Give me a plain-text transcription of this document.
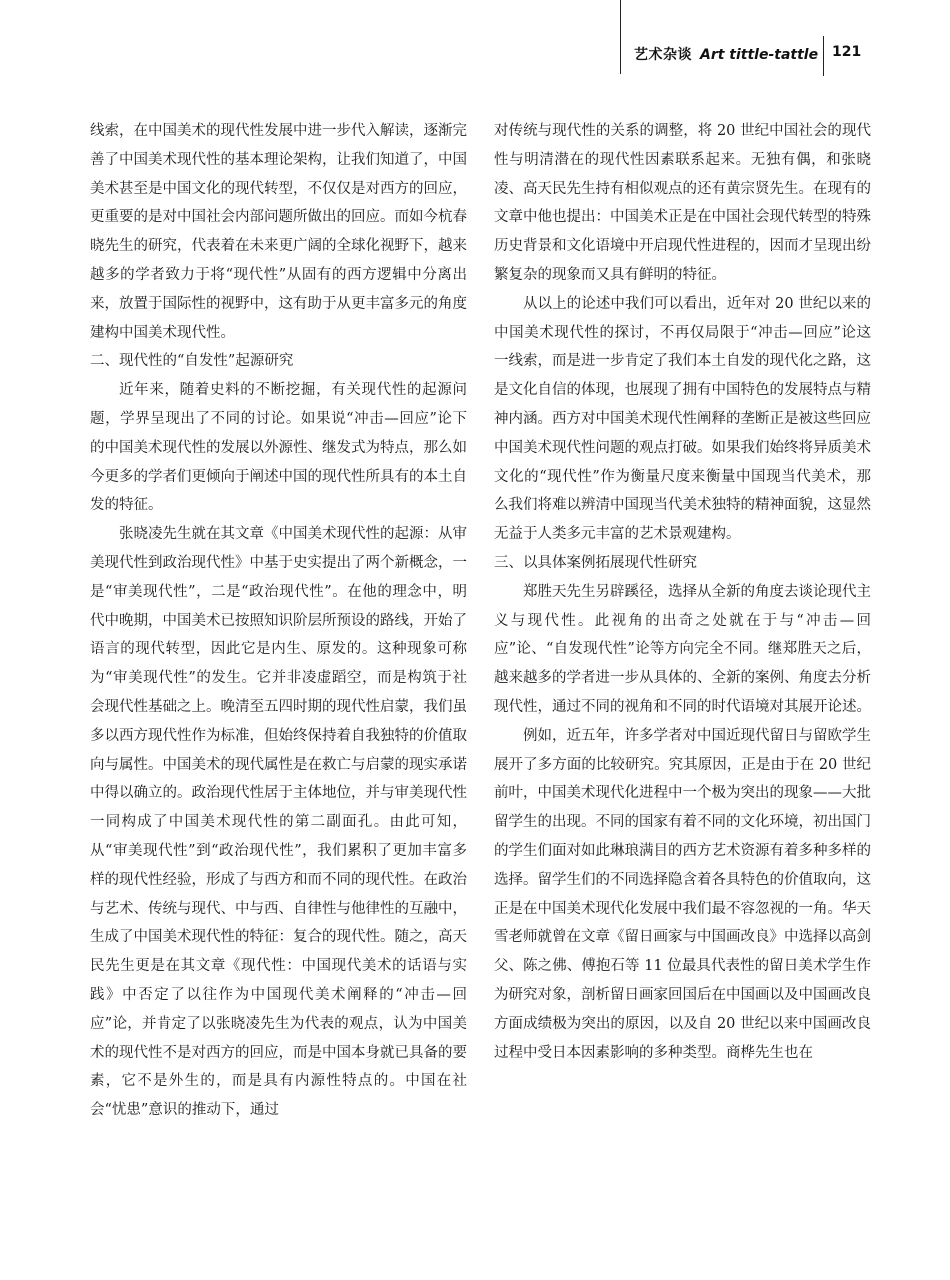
艺术杂谈 Art tittle-tattle 121

线索，在中国美术的现代性发展中进一步代入解读，逐渐完善了中国美术现代性的基本理论架构，让我们知道了，中国美术甚至是中国文化的现代转型，不仅仅是对西方的回应，更重要的是对中国社会内部问题所做出的回应。而如今杭春晓先生的研究，代表着在未来更广阔的全球化视野下，越来越多的学者致力于将“现代性”从固有的西方逻辑中分离出来，放置于国际性的视野中，这有助于从更丰富多元的角度建构中国美术现代性。

二、现代性的“自发性”起源研究

近年来，随着史料的不断挖掘，有关现代性的起源问题，学界呈现出了不同的讨论。如果说“冲击—回应”论下的中国美术现代性的发展以外源性、继发式为特点，那么如今更多的学者们更倾向于阐述中国的现代性所具有的本土自发的特征。

张晓凌先生就在其文章《中国美术现代性的起源：从审美现代性到政治现代性》中基于史实提出了两个新概念，一是“审美现代性”，二是“政治现代性”。在他的理念中，明代中晚期，中国美术已按照知识阶层所预设的路线，开始了语言的现代转型，因此它是内生、原发的。这种现象可称为“审美现代性”的发生。它并非凌虚蹈空，而是构筑于社会现代性基础之上。晚清至五四时期的现代性启蒙，我们虽多以西方现代性作为标准，但始终保持着自我独特的价值取向与属性。中国美术的现代属性是在救亡与启蒙的现实承诺中得以确立的。政治现代性居于主体地位，并与审美现代性一同构成了中国美术现代性的第二副面孔。由此可知，从“审美现代性”到“政治现代性”，我们累积了更加丰富多样的现代性经验，形成了与西方和而不同的现代性。在政治与艺术、传统与现代、中与西、自律性与他律性的互融中，生成了中国美术现代性的特征：复合的现代性。随之，高天民先生更是在其文章《现代性：中国现代美术的话语与实践》中否定了以往作为中国现代美术阐释的“冲击—回应”论，并肯定了以张晓凌先生为代表的观点，认为中国美术的现代性不是对西方的回应，而是中国本身就已具备的要素，它不是外生的，而是具有内源性特点的。中国在社会“忧患”意识的推动下，通过

对传统与现代性的关系的调整，将 20 世纪中国社会的现代性与明清潜在的现代性因素联系起来。无独有偶，和张晓凌、高天民先生持有相似观点的还有黄宗贤先生。在现有的文章中他也提出：中国美术正是在中国社会现代转型的特殊历史背景和文化语境中开启现代性进程的，因而才呈现出纷繁复杂的现象而又具有鲜明的特征。

从以上的论述中我们可以看出，近年对 20 世纪以来的中国美术现代性的探讨，不再仅局限于“冲击—回应”论这一线索，而是进一步肯定了我们本土自发的现代化之路，这是文化自信的体现，也展现了拥有中国特色的发展特点与精神内涵。西方对中国美术现代性阐释的垄断正是被这些回应中国美术现代性问题的观点打破。如果我们始终将异质美术文化的“现代性”作为衡量尺度来衡量中国现当代美术，那么我们将难以辨清中国现当代美术独特的精神面貌，这显然无益于人类多元丰富的艺术景观建构。

三、以具体案例拓展现代性研究

郑胜天先生另辟蹊径，选择从全新的角度去谈论现代主义与现代性。此视角的出奇之处就在于与“冲击—回应”论、“自发现代性”论等方向完全不同。继郑胜天之后，越来越多的学者进一步从具体的、全新的案例、角度去分析现代性，通过不同的视角和不同的时代语境对其展开论述。

例如，近五年，许多学者对中国近现代留日与留欧学生展开了多方面的比较研究。究其原因，正是由于在 20 世纪前叶，中国美术现代化进程中一个极为突出的现象——大批留学生的出现。不同的国家有着不同的文化环境，初出国门的学生们面对如此琳琅满目的西方艺术资源有着多种多样的选择。留学生们的不同选择隐含着各具特色的价值取向，这正是在中国美术现代化发展中我们最不容忽视的一角。华天雪老师就曾在文章《留日画家与中国画改良》中选择以高剑父、陈之佛、傅抱石等 11 位最具代表性的留日美术学生作为研究对象，剖析留日画家回国后在中国画以及中国画改良方面成绩极为突出的原因，以及自 20 世纪以来中国画改良过程中受日本因素影响的多种类型。商桦先生也在
